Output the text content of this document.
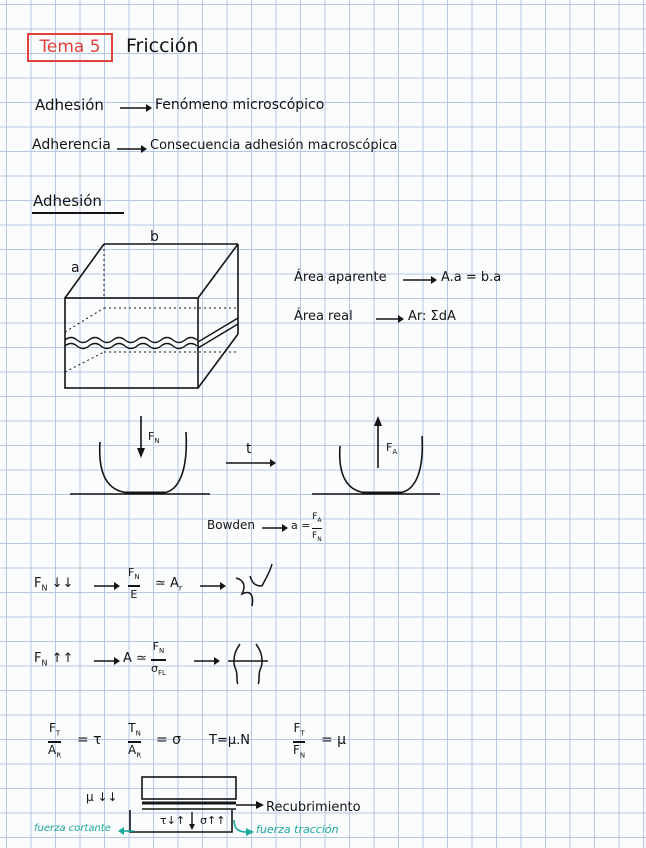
Tema 5	Fricción
Adhesión	Fenómeno microscópico
Adherencia	Consecuencia adhesión macroscópica
Adhesión
a
b
Área aparente	A.a = b.a
Área real	Ar: ΣdA
$F_N$	t	$F_A$
Bowden	a =
$F_A$
$F_N$
$F_N$ ↓↓
$F_N$
E
≃ $A_r$
$F_N$ ↑↑	A ≃
$F_N$
$\sigma_{FL}$
$F_T$
$A_R$
= τ
$T_N$
$A_R$
= σ T=μ.N
$F_T$
$F_N$
= μ
μ ↓↓
τ↓↑ σ↑↑
Recubrimiento
fuerza cortante	fuerza tracción
